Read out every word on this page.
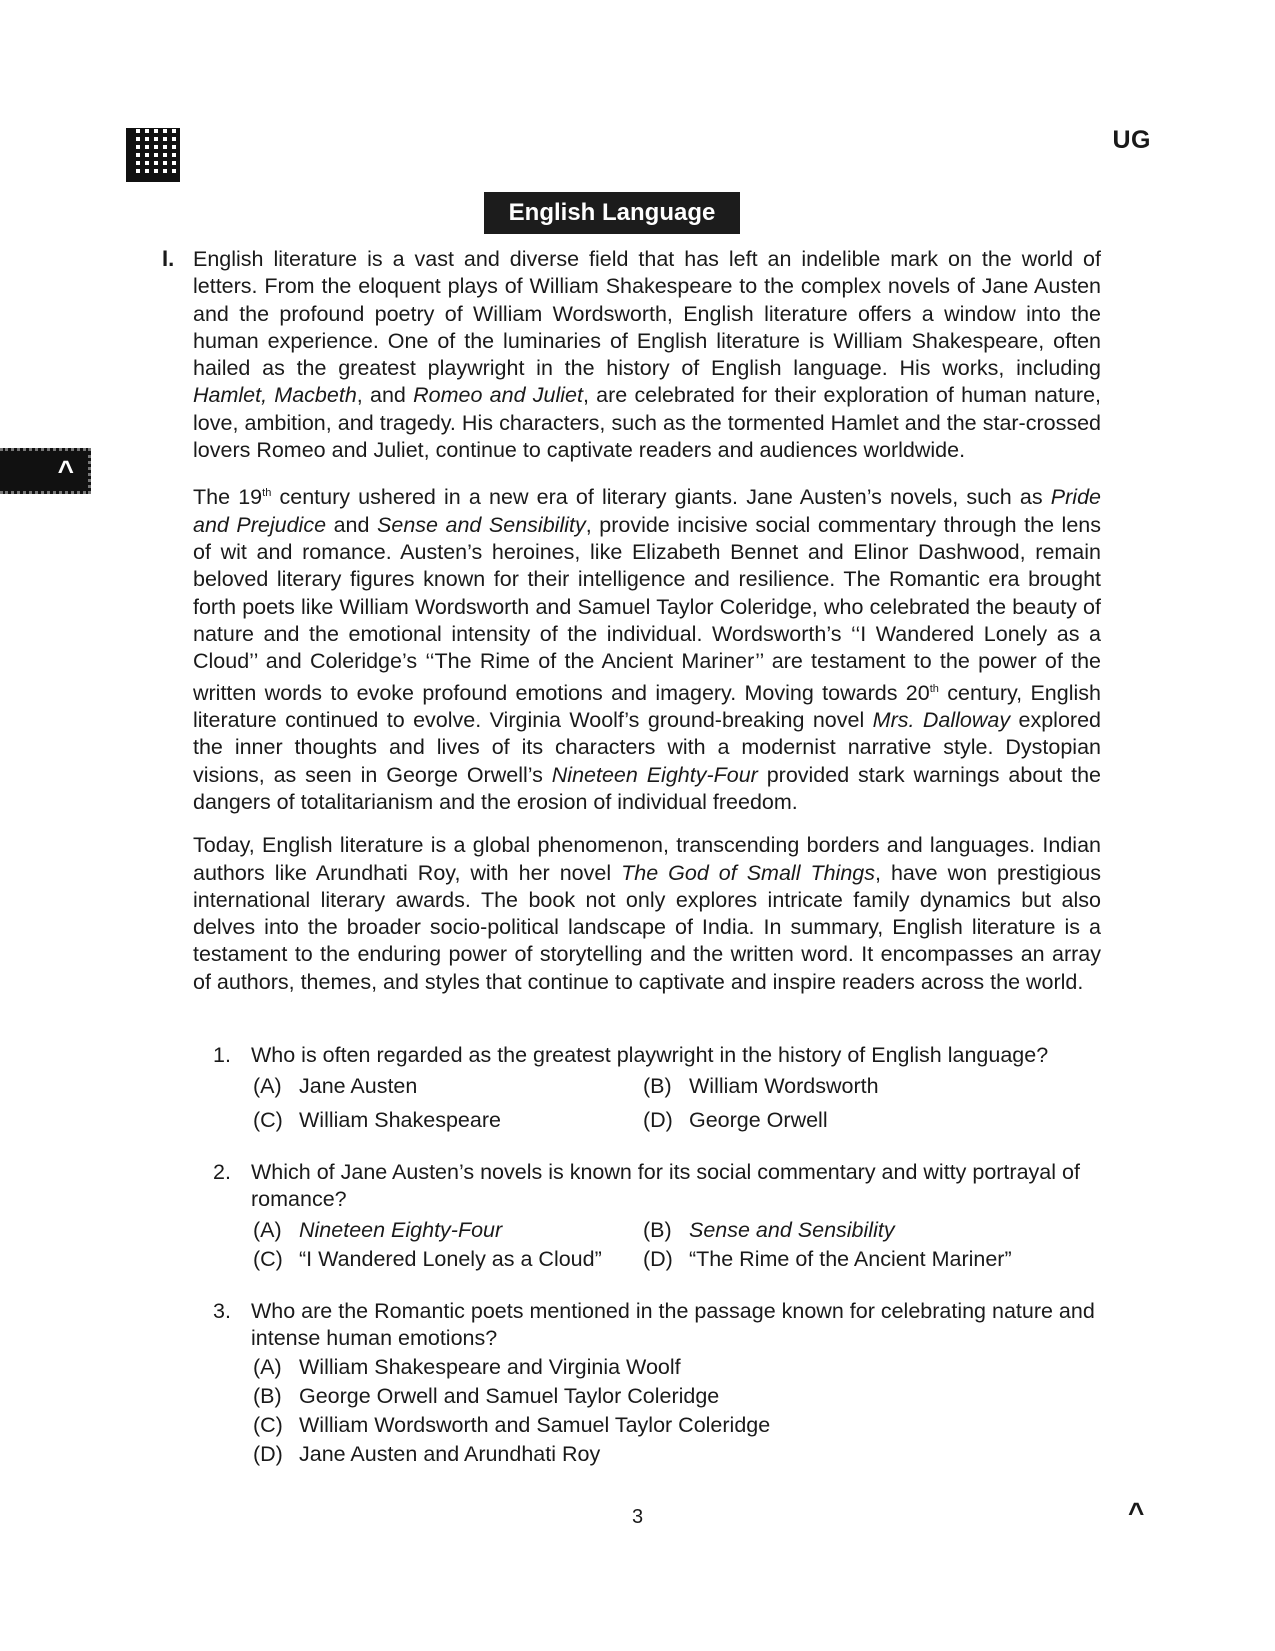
UG
English Language
^
I. English literature is a vast and diverse field that has left an indelible mark on the world of letters. From the eloquent plays of William Shakespeare to the complex novels of Jane Austen and the profound poetry of William Wordsworth, English literature offers a window into the human experience. One of the luminaries of English literature is William Shakespeare, often hailed as the greatest playwright in the history of English language. His works, including Hamlet, Macbeth, and Romeo and Juliet, are celebrated for their exploration of human nature, love, ambition, and tragedy. His characters, such as the tormented Hamlet and the star-crossed lovers Romeo and Juliet, continue to captivate readers and audiences worldwide.

The 19th century ushered in a new era of literary giants. Jane Austen’s novels, such as Pride and Prejudice and Sense and Sensibility, provide incisive social commentary through the lens of wit and romance. Austen’s heroines, like Elizabeth Bennet and Elinor Dashwood, remain beloved literary figures known for their intelligence and resilience. The Romantic era brought forth poets like William Wordsworth and Samuel Taylor Coleridge, who celebrated the beauty of nature and the emotional intensity of the individual. Wordsworth’s ‘‘I Wandered Lonely as a Cloud’’ and Coleridge’s ‘‘The Rime of the Ancient Mariner’’ are testament to the power of the written words to evoke profound emotions and imagery. Moving towards 20th century, English literature continued to evolve. Virginia Woolf’s ground-breaking novel Mrs. Dalloway explored the inner thoughts and lives of its characters with a modernist narrative style. Dystopian visions, as seen in George Orwell’s Nineteen Eighty-Four provided stark warnings about the dangers of totalitarianism and the erosion of individual freedom.

Today, English literature is a global phenomenon, transcending borders and languages. Indian authors like Arundhati Roy, with her novel The God of Small Things, have won prestigious international literary awards. The book not only explores intricate family dynamics but also delves into the broader socio-political landscape of India. In summary, English literature is a testament to the enduring power of storytelling and the written word. It encompasses an array of authors, themes, and styles that continue to captivate and inspire readers across the world.

1. Who is often regarded as the greatest playwright in the history of English language?
(A) Jane Austen	(B) William Wordsworth
(C) William Shakespeare	(D) George Orwell
2. Which of Jane Austen’s novels is known for its social commentary and witty portrayal of romance?
(A) Nineteen Eighty-Four	(B) Sense and Sensibility
(C) “I Wandered Lonely as a Cloud”	(D) “The Rime of the Ancient Mariner”
3. Who are the Romantic poets mentioned in the passage known for celebrating nature and intense human emotions?
(A) William Shakespeare and Virginia Woolf
(B) George Orwell and Samuel Taylor Coleridge
(C) William Wordsworth and Samuel Taylor Coleridge
(D) Jane Austen and Arundhati Roy
3	^
